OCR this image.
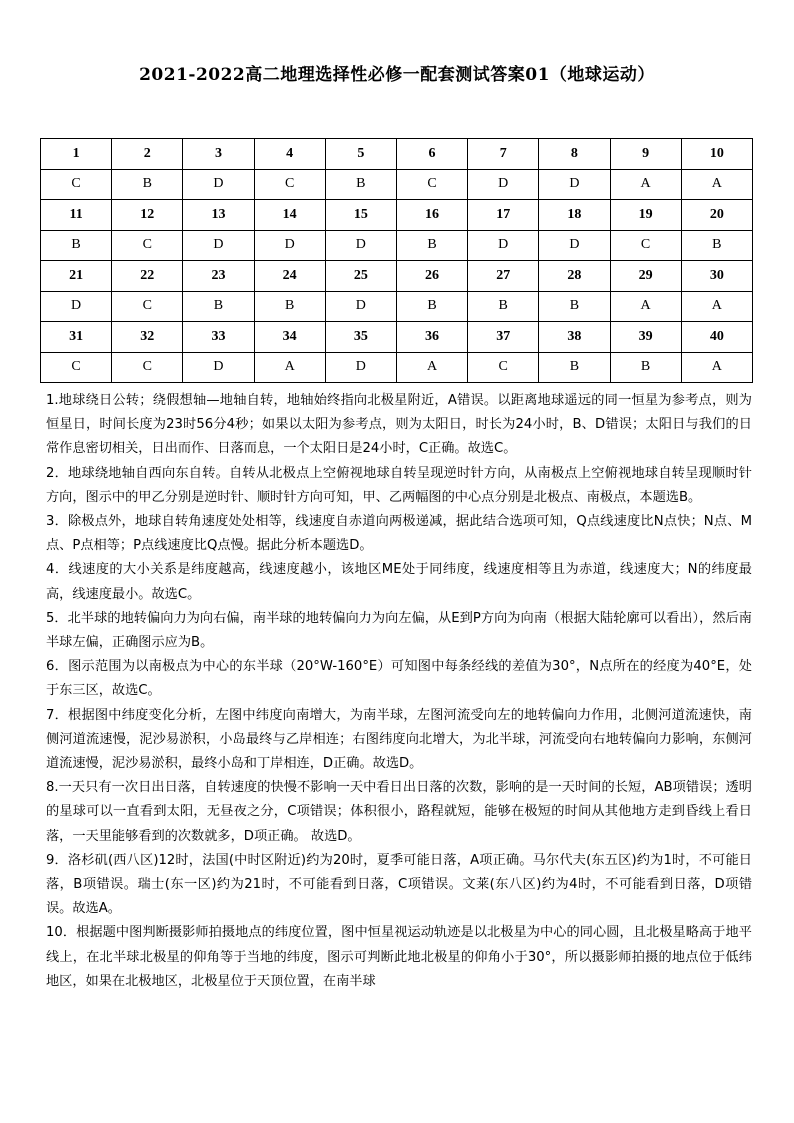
2021-2022高二地理选择性必修一配套测试答案01（地球运动）
1	2	3	4	5	6	7	8	9	10
C	B	D	C	B	C	D	D	A	A
11	12	13	14	15	16	17	18	19	20
B	C	D	D	D	B	D	D	C	B
21	22	23	24	25	26	27	28	29	30
D	C	B	B	D	B	B	B	A	A
31	32	33	34	35	36	37	38	39	40
C	C	D	A	D	A	C	B	B	A

1.地球绕日公转；绕假想轴—地轴自转，地轴始终指向北极星附近，A错误。以距离地球遥远的同一恒星为参考点，则为恒星日，时间长度为23时56分4秒；如果以太阳为参考点，则为太阳日，时长为24小时，B、D错误；太阳日与我们的日常作息密切相关，日出而作、日落而息，一个太阳日是24小时，C正确。故选C。

2．地球绕地轴自西向东自转。自转从北极点上空俯视地球自转呈现逆时针方向，从南极点上空俯视地球自转呈现顺时针方向，图示中的甲乙分别是逆时针、顺时针方向可知，甲、乙两幅图的中心点分别是北极点、南极点，本题选B。

3．除极点外，地球自转角速度处处相等，线速度自赤道向两极递减，据此结合选项可知，Q点线速度比N点快；N点、M点、P点相等；P点线速度比Q点慢。据此分析本题选D。

4．线速度的大小关系是纬度越高，线速度越小，该地区ME处于同纬度，线速度相等且为赤道，线速度大；N的纬度最高，线速度最小。故选C。

5．北半球的地转偏向力为向右偏，南半球的地转偏向力为向左偏，从E到P方向为向南（根据大陆轮廓可以看出），然后南半球左偏，正确图示应为B。

6．图示范围为以南极点为中心的东半球（20°W-160°E）可知图中每条经线的差值为30°，N点所在的经度为40°E，处于东三区，故选C。

7．根据图中纬度变化分析，左图中纬度向南增大，为南半球，左图河流受向左的地转偏向力作用，北侧河道流速快，南侧河道流速慢，泥沙易淤积，小岛最终与乙岸相连；右图纬度向北增大，为北半球，河流受向右地转偏向力影响，东侧河道流速慢，泥沙易淤积，最终小岛和丁岸相连，D正确。故选D。

8.一天只有一次日出日落，自转速度的快慢不影响一天中看日出日落的次数，影响的是一天时间的长短，AB项错误；透明的星球可以一直看到太阳，无昼夜之分，C项错误；体积很小，路程就短，能够在极短的时间从其他地方走到昏线上看日落，一天里能够看到的次数就多，D项正确。 故选D。

9．洛杉矶(西八区)12时，法国(中时区附近)约为20时，夏季可能日落，A项正确。马尔代夫(东五区)约为1时，不可能日落，B项错误。瑞士(东一区)约为21时，不可能看到日落，C项错误。文莱(东八区)约为4时，不可能看到日落，D项错误。故选A。

10．根据题中图判断摄影师拍摄地点的纬度位置，图中恒星视运动轨迹是以北极星为中心的同心圆，且北极星略高于地平线上，在北半球北极星的仰角等于当地的纬度，图示可判断此地北极星的仰角小于30°，所以摄影师拍摄的地点位于低纬地区，如果在北极地区，北极星位于天顶位置，在南半球
